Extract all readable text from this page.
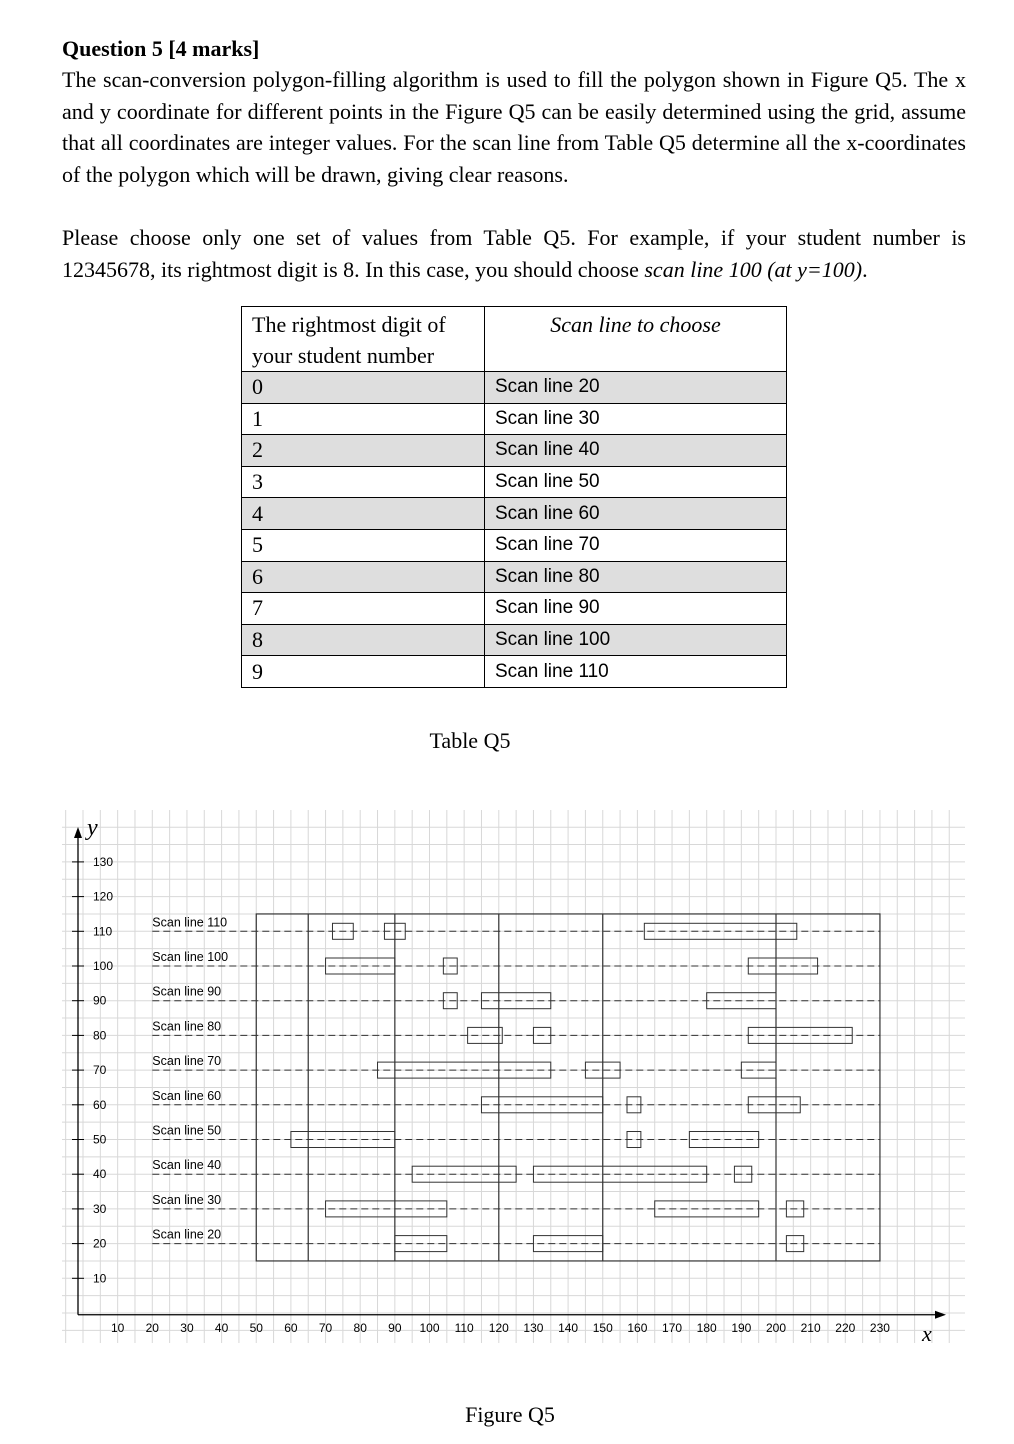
Question 5 [4 marks]

The scan-conversion polygon-filling algorithm is used to fill the polygon shown in Figure Q5. The x and y coordinate for different points in the Figure Q5 can be easily determined using the grid, assume that all coordinates are integer values. For the scan line from Table Q5 determine all the x-coordinates of the polygon which will be drawn, giving clear reasons.

Please choose only one set of values from Table Q5. For example, if your student number is 12345678, its rightmost digit is 8. In this case, you should choose scan line 100 (at y=100).

The rightmost digit of your student number	Scan line to choose
0	Scan line 20
1	Scan line 30
2	Scan line 40
3	Scan line 50
4	Scan line 60
5	Scan line 70
6	Scan line 80
7	Scan line 90
8	Scan line 100
9	Scan line 110
Table Q5
x
y
10 20 30 40 50 60 70 80 90 100 110 120 130 140 150 160 170 180 190 200 210 220 230
10
20
30
40
50
60
70
80
90
100
110
120
130
Scan line 110
Scan line 100
Scan line 90
Scan line 80
Scan line 70
Scan line 60
Scan line 50
Scan line 40
Scan line 30
Scan line 20
Figure Q5
